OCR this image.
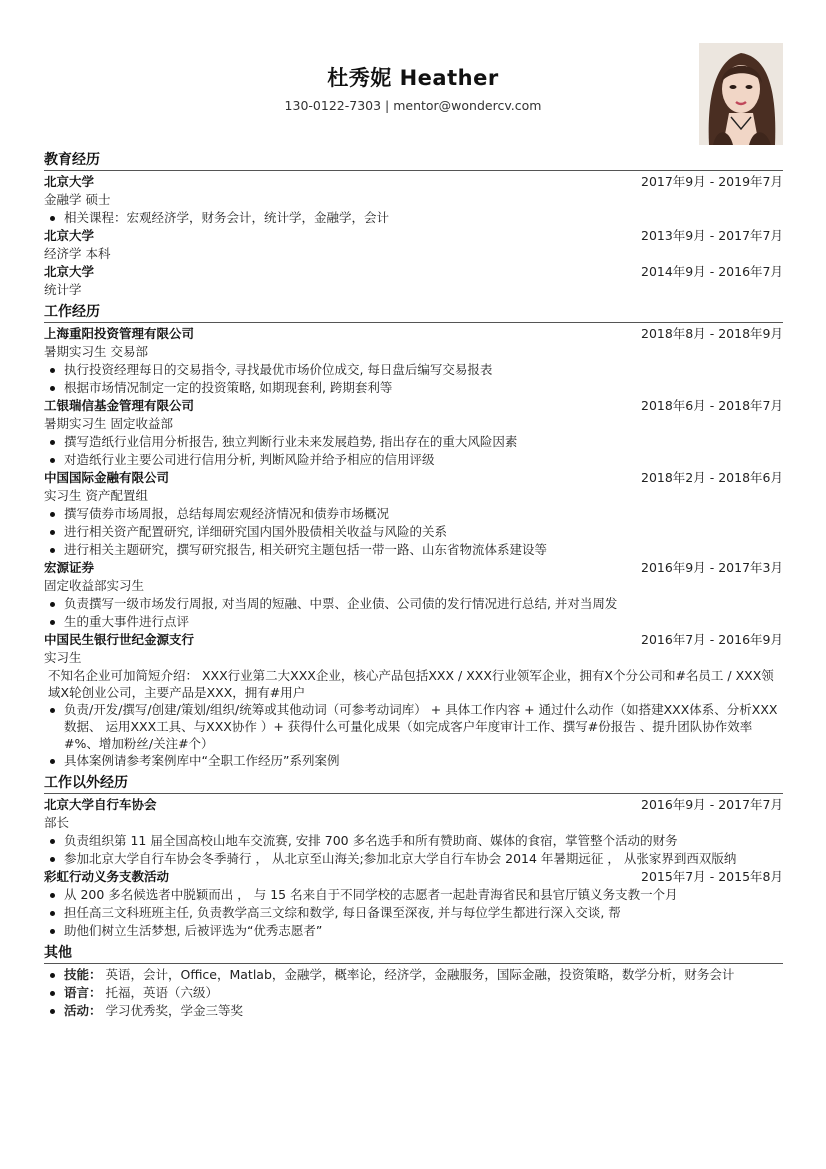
杜秀妮 Heather
130-0122-7303 | mentor@wondercv.com
教育经历
北京大学	2017年9月 - 2019年7月
金融学 硕士
相关课程：宏观经济学，财务会计，统计学，金融学，会计
北京大学	2013年9月 - 2017年7月
经济学 本科
北京大学	2014年9月 - 2016年7月
统计学
工作经历
上海重阳投资管理有限公司	2018年8月 - 2018年9月
暑期实习生 交易部
执行投资经理每日的交易指令, 寻找最优市场价位成交, 每日盘后编写交易报表
根据市场情况制定一定的投资策略, 如期现套利, 跨期套利等
工银瑞信基金管理有限公司	2018年6月 - 2018年7月
暑期实习生 固定收益部
撰写造纸行业信用分析报告, 独立判断行业未来发展趋势, 指出存在的重大风险因素
对造纸行业主要公司进行信用分析, 判断风险并给予相应的信用评级
中国国际金融有限公司	2018年2月 - 2018年6月
实习生 资产配置组
撰写债券市场周报，总结每周宏观经济情况和债券市场概况
进行相关资产配置研究, 详细研究国内国外股债相关收益与风险的关系
进行相关主题研究，撰写研究报告, 相关研究主题包括一带一路、山东省物流体系建设等
宏源证券	2016年9月 - 2017年3月
固定收益部实习生
负责撰写一级市场发行周报, 对当周的短融、中票、企业债、公司债的发行情况进行总结, 并对当周发
生的重大事件进行点评
中国民生银行世纪金源支行	2016年7月 - 2016年9月
实习生
不知名企业可加简短介绍： XXX行业第二大XXX企业，核心产品包括XXX / XXX行业领军企业，拥有X个分公司和#名员工 / XXX领域X轮创业公司，主要产品是XXX，拥有#用户
负责/开发/撰写/创建/策划/组织/统筹或其他动词（可参考动词库） + 具体工作内容 + 通过什么动作（如搭建XXX体系、分析XXX数据、 运用XXX工具、与XXX协作 ）+ 获得什么可量化成果（如完成客户年度审计工作、撰写#份报告 、提升团队协作效率#%、增加粉丝/关注#个）
具体案例请参考案例库中“全职工作经历”系列案例
工作以外经历
北京大学自行车协会	2016年9月 - 2017年7月
部长
负责组织第 11 届全国高校山地车交流赛, 安排 700 多名选手和所有赞助商、媒体的食宿，掌管整个活动的财务
参加北京大学自行车协会冬季骑行 ， 从北京至山海关;参加北京大学自行车协会 2014 年暑期远征 ， 从张家界到西双版纳
彩虹行动义务支教活动	2015年7月 - 2015年8月
从 200 多名候选者中脱颖而出 ， 与 15 名来自于不同学校的志愿者一起赴青海省民和县官厅镇义务支教一个月
担任高三文科班班主任, 负责教学高三文综和数学, 每日备课至深夜, 并与每位学生都进行深入交谈, 帮
助他们树立生活梦想, 后被评选为“优秀志愿者”
其他
技能： 英语，会计，Office，Matlab，金融学，概率论，经济学，金融服务，国际金融，投资策略，数学分析，财务会计
语言： 托福，英语（六级）
活动： 学习优秀奖，学金三等奖
